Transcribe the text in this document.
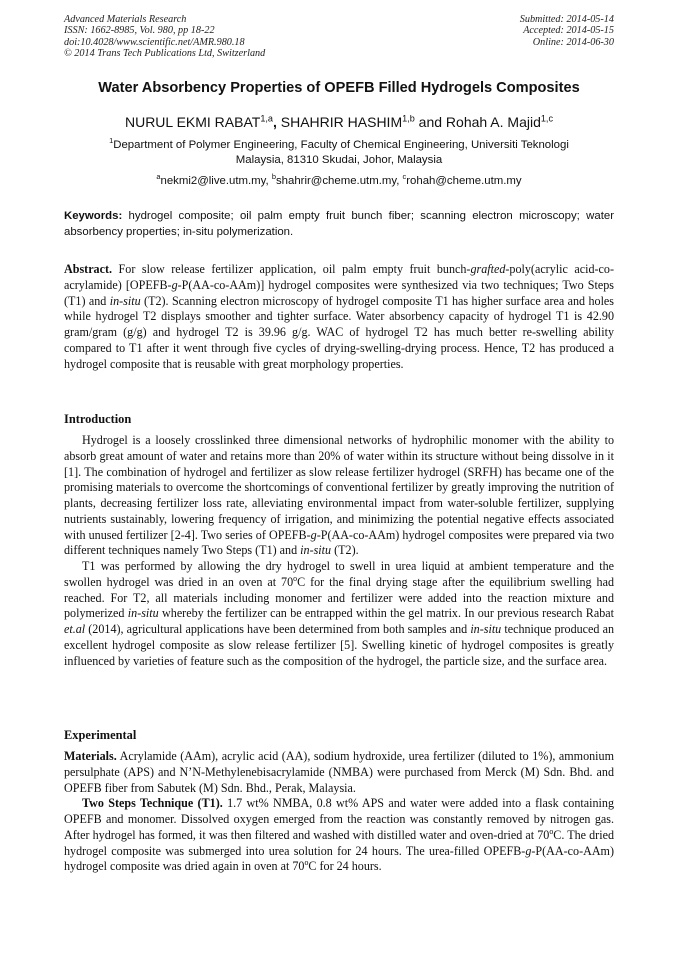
Advanced Materials Research
ISSN: 1662-8985, Vol. 980, pp 18-22
doi:10.4028/www.scientific.net/AMR.980.18
© 2014 Trans Tech Publications Ltd, Switzerland
Submitted: 2014-05-14
Accepted: 2014-05-15
Online: 2014-06-30
Water Absorbency Properties of OPEFB Filled Hydrogels Composites
NURUL EKMI RABAT$^{1,a}$, SHAHRIR HASHIM$^{1,b}$ and Rohah A. Majid$^{1,c}$
$^1$Department of Polymer Engineering, Faculty of Chemical Engineering, Universiti Teknologi
Malaysia, 81310 Skudai, Johor, Malaysia
$^a$nekmi2@live.utm.my, $^b$shahrir@cheme.utm.my, $^c$rohah@cheme.utm.my
Keywords: hydrogel composite; oil palm empty fruit bunch fiber; scanning electron microscopy; water absorbency properties; in-situ polymerization.

Abstract. For slow release fertilizer application, oil palm empty fruit bunch-grafted-poly(acrylic acid-co-acrylamide) [OPEFB-g-P(AA-co-AAm)] hydrogel composites were synthesized via two techniques; Two Steps (T1) and in-situ (T2). Scanning electron microscopy of hydrogel composite T1 has higher surface area and holes while hydrogel T2 displays smoother and tighter surface. Water absorbency capacity of hydrogel T1 is 42.90 gram/gram (g/g) and hydrogel T2 is 39.96 g/g. WAC of hydrogel T2 has much better re-swelling ability compared to T1 after it went through five cycles of drying-swelling-drying process. Hence, T2 has produced a hydrogel composite that is reusable with great morphology properties.

Introduction

Hydrogel is a loosely crosslinked three dimensional networks of hydrophilic monomer with the ability to absorb great amount of water and retains more than 20% of water within its structure without being dissolve in it [1]. The combination of hydrogel and fertilizer as slow release fertilizer hydrogel (SRFH) has became one of the promising materials to overcome the shortcomings of conventional fertilizer by greatly improving the nutrition of plants, decreasing fertilizer loss rate, alleviating environmental impact from water-soluble fertilizer, supplying nutrients sustainably, lowering frequency of irrigation, and minimizing the potential negative effects associated with unused fertilizer [2-4]. Two series of OPEFB-g-P(AA-co-AAm) hydrogel composites were prepared via two different techniques namely Two Steps (T1) and in-situ (T2).

T1 was performed by allowing the dry hydrogel to swell in urea liquid at ambient temperature and the swollen hydrogel was dried in an oven at 70$^o$C for the final drying stage after the equilibrium swelling had reached. For T2, all materials including monomer and fertilizer were added into the reaction mixture and polymerized in-situ whereby the fertilizer can be entrapped within the gel matrix. In our previous research Rabat et.al (2014), agricultural applications have been determined from both samples and in-situ technique produced an excellent hydrogel composite as slow release fertilizer [5]. Swelling kinetic of hydrogel composites is greatly influenced by varieties of feature such as the composition of the hydrogel, the particle size, and the surface area.

Experimental

Materials. Acrylamide (AAm), acrylic acid (AA), sodium hydroxide, urea fertilizer (diluted to 1%), ammonium persulphate (APS) and N’N-Methylenebisacrylamide (NMBA) were purchased from Merck (M) Sdn. Bhd. and OPEFB fiber from Sabutek (M) Sdn. Bhd., Perak, Malaysia.

Two Steps Technique (T1). 1.7 wt% NMBA, 0.8 wt% APS and water were added into a flask containing OPEFB and monomer. Dissolved oxygen emerged from the reaction was constantly removed by nitrogen gas. After hydrogel has formed, it was then filtered and washed with distilled water and oven-dried at 70$^o$C. The dried hydrogel composite was submerged into urea solution for 24 hours. The urea-filled OPEFB-g-P(AA-co-AAm) hydrogel composite was dried again in oven at 70$^o$C for 24 hours.
